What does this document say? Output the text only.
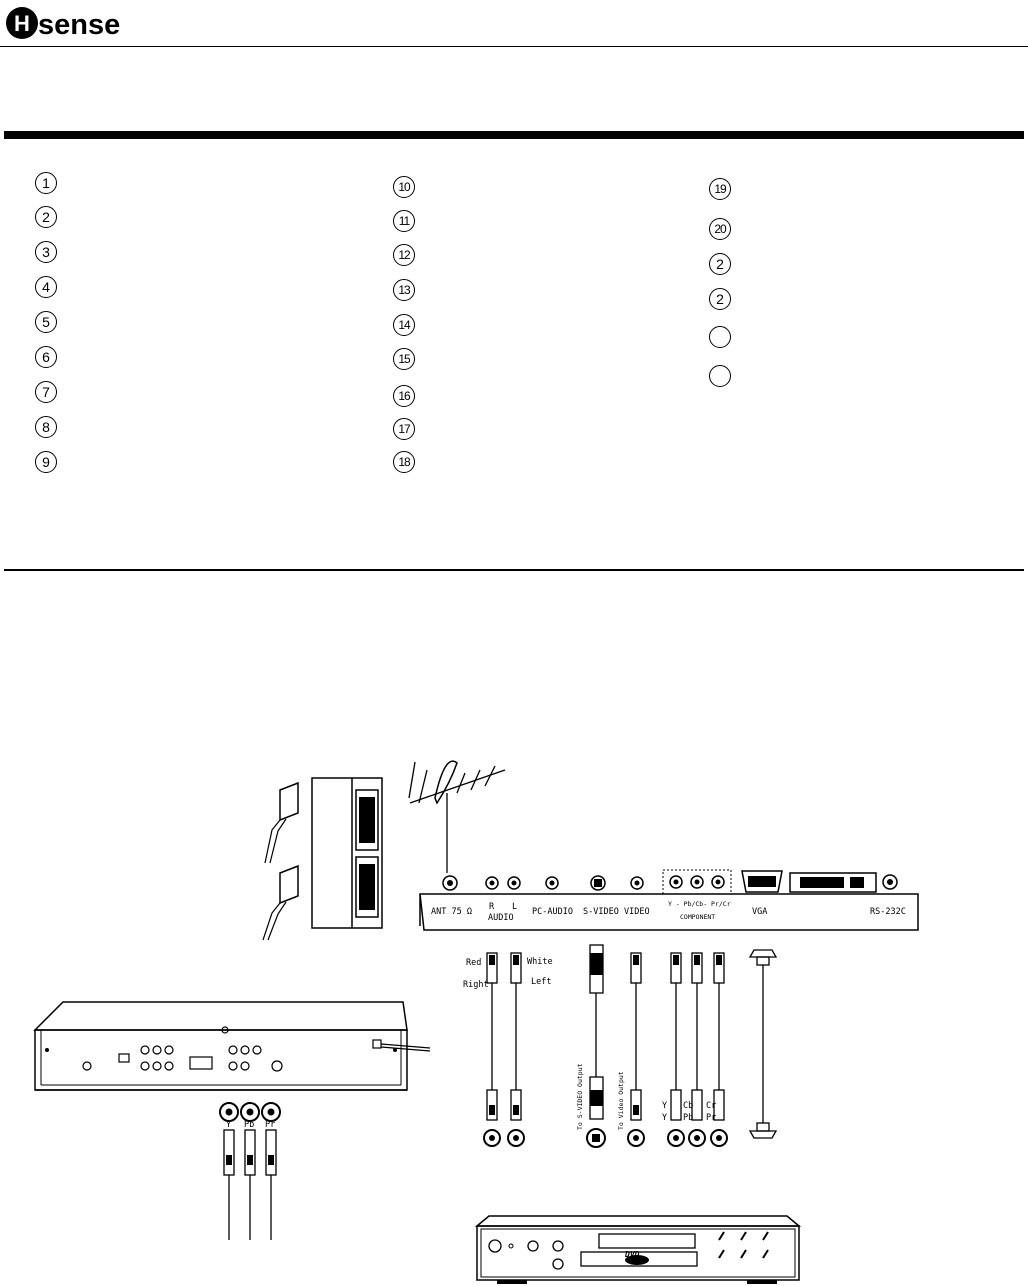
H sense
1
2
3
4
5
6
7
8
9
10
11
12
13
14
15
16
17
18
19
20
2
2
ANT 75 Ω R L
AUDIO
PC-AUDIO S-VIDEO VIDEO
Y - Pb/Cb- Pr/Cr
COMPONENT	VGA	RS-232C
Red
Right
White
Left
To S-VIDEO Output	To Video Output	Y
Y
Cb
Pb
Cr
Pr
Y Pb Pr
DVD
